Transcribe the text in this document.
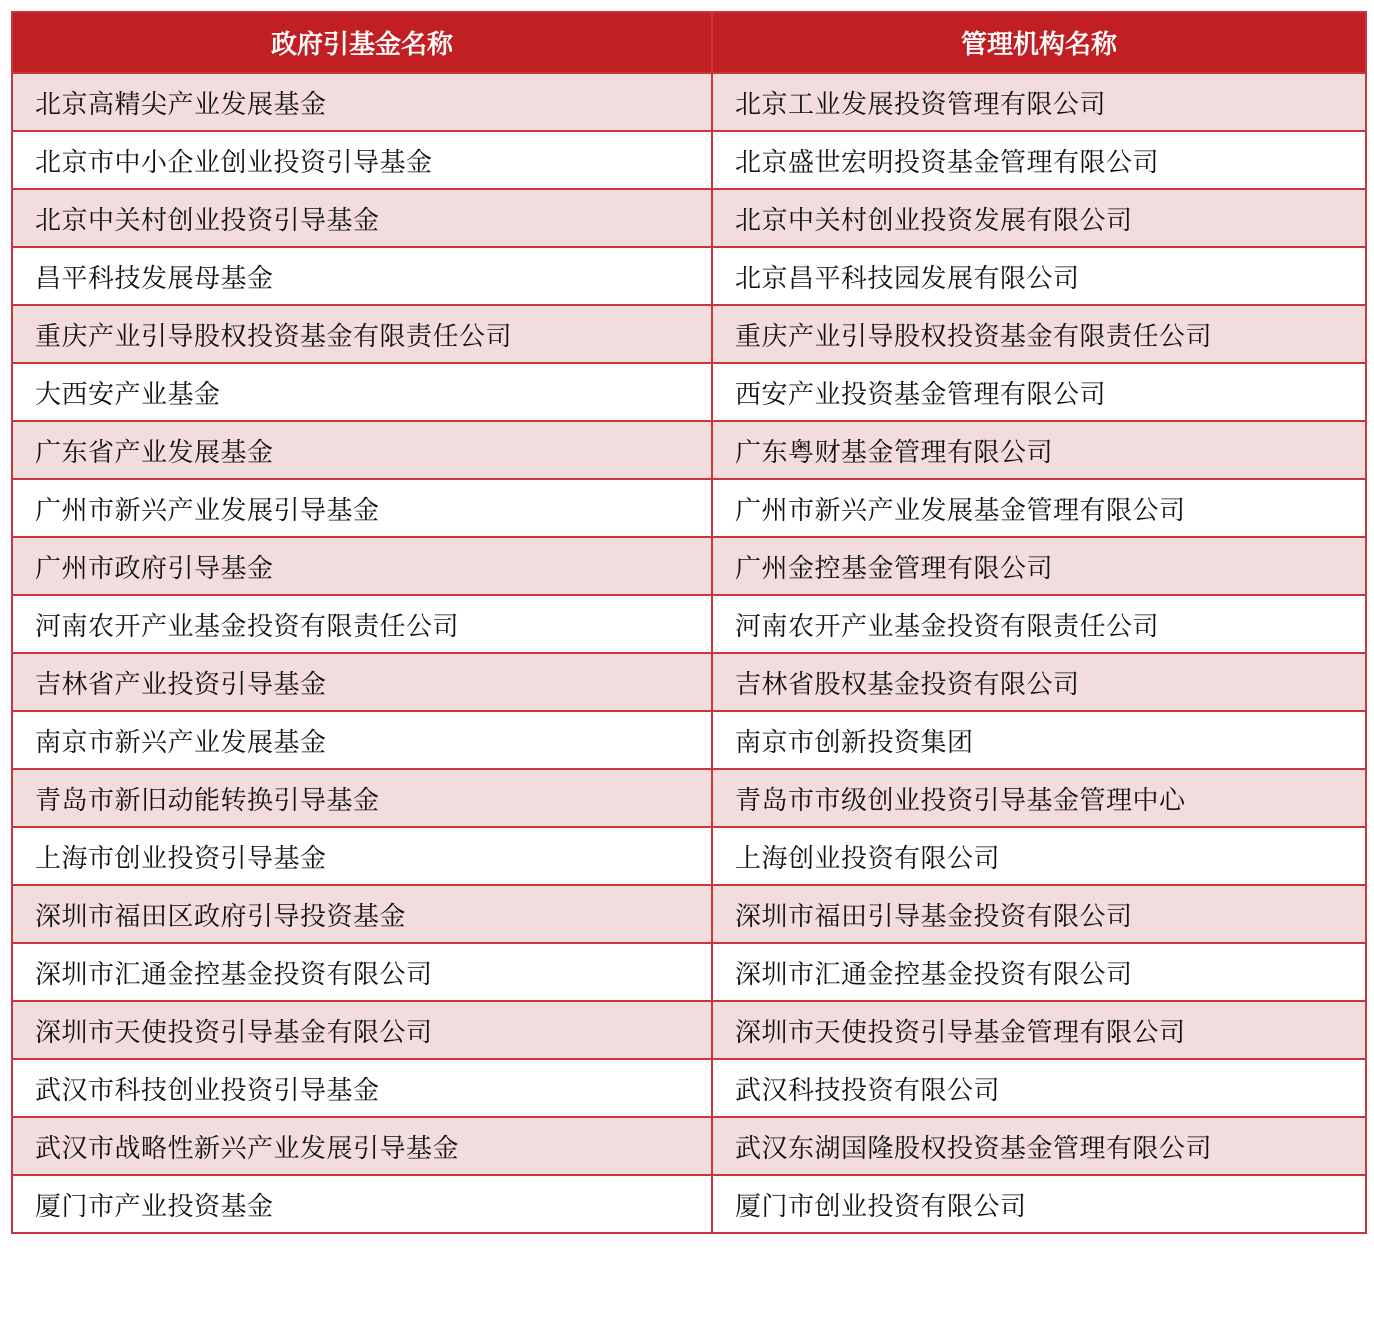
政府引基金名称	管理机构名称
北京高精尖产业发展基金	北京工业发展投资管理有限公司
北京市中小企业创业投资引导基金	北京盛世宏明投资基金管理有限公司
北京中关村创业投资引导基金	北京中关村创业投资发展有限公司
昌平科技发展母基金	北京昌平科技园发展有限公司
重庆产业引导股权投资基金有限责任公司	重庆产业引导股权投资基金有限责任公司
大西安产业基金	西安产业投资基金管理有限公司
广东省产业发展基金	广东粤财基金管理有限公司
广州市新兴产业发展引导基金	广州市新兴产业发展基金管理有限公司
广州市政府引导基金	广州金控基金管理有限公司
河南农开产业基金投资有限责任公司	河南农开产业基金投资有限责任公司
吉林省产业投资引导基金	吉林省股权基金投资有限公司
南京市新兴产业发展基金	南京市创新投资集团
青岛市新旧动能转换引导基金	青岛市市级创业投资引导基金管理中心
上海市创业投资引导基金	上海创业投资有限公司
深圳市福田区政府引导投资基金	深圳市福田引导基金投资有限公司
深圳市汇通金控基金投资有限公司	深圳市汇通金控基金投资有限公司
深圳市天使投资引导基金有限公司	深圳市天使投资引导基金管理有限公司
武汉市科技创业投资引导基金	武汉科技投资有限公司
武汉市战略性新兴产业发展引导基金	武汉东湖国隆股权投资基金管理有限公司
厦门市产业投资基金	厦门市创业投资有限公司
